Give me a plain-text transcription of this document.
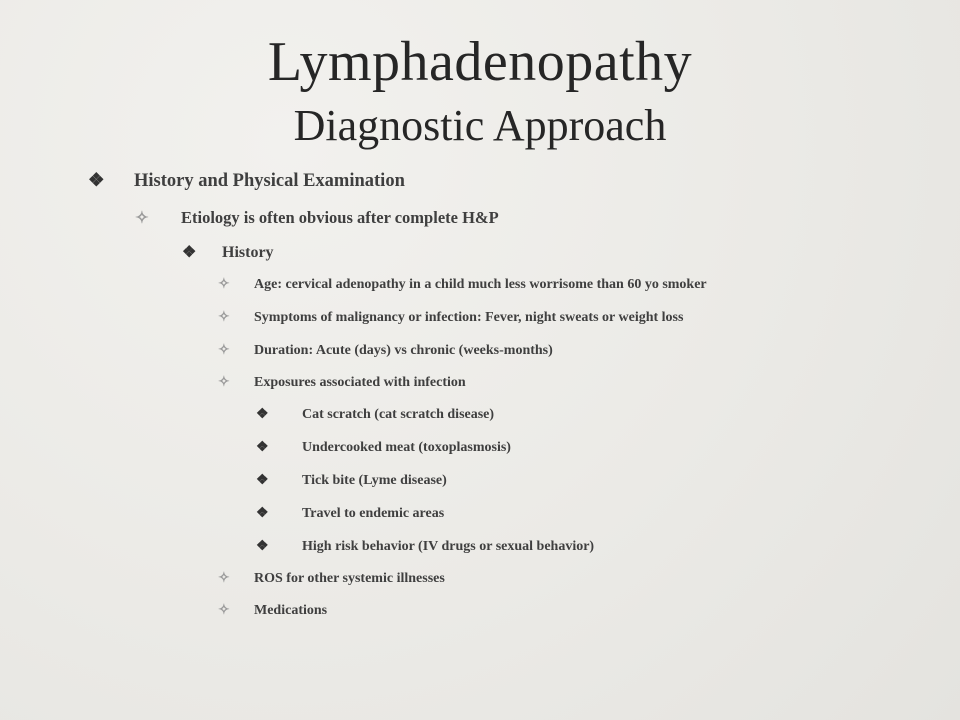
Lymphadenopathy
Diagnostic Approach
❖	History and Physical Examination
✧	Etiology is often obvious after complete H&P
❖	History
✧	Age: cervical adenopathy in a child much less worrisome than 60 yo smoker
✧	Symptoms of malignancy or infection: Fever, night sweats or weight loss
✧	Duration: Acute (days) vs chronic (weeks-months)
✧	Exposures associated with infection
❖	Cat scratch (cat scratch disease)
❖	Undercooked meat (toxoplasmosis)
❖	Tick bite (Lyme disease)
❖	Travel to endemic areas
❖	High risk behavior (IV drugs or sexual behavior)
✧	ROS for other systemic illnesses
✧	Medications
